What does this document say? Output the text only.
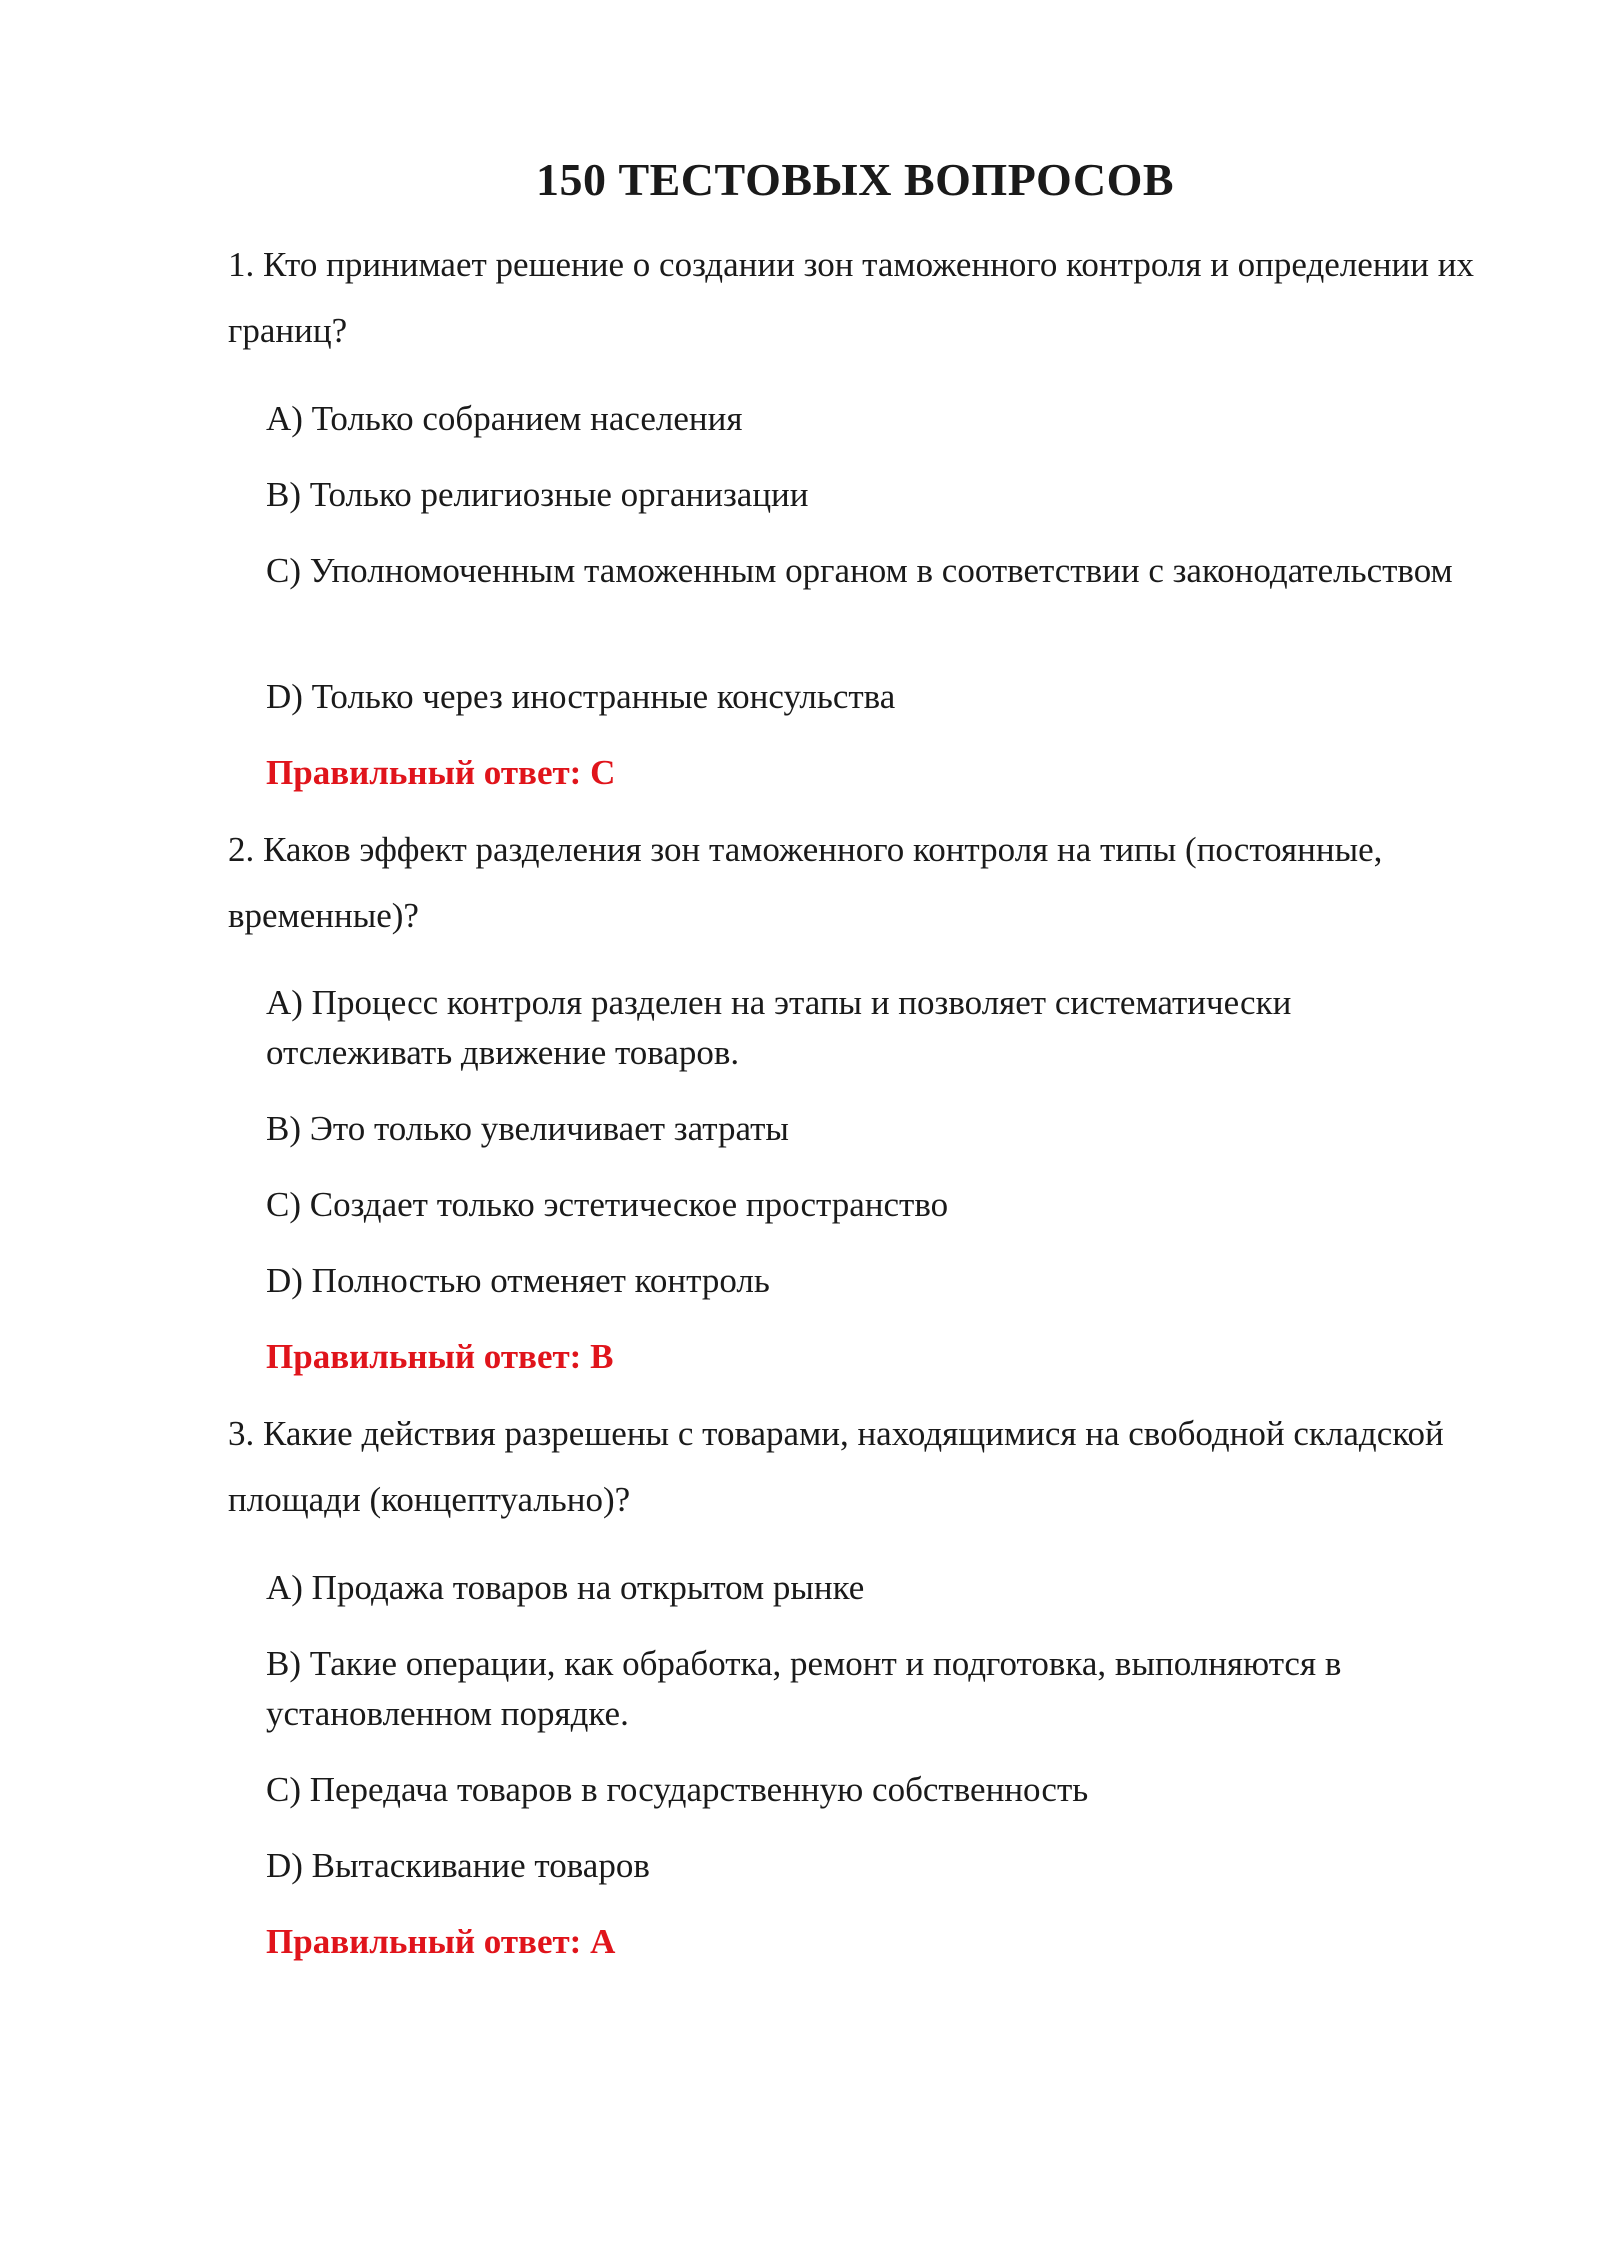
150 ТЕСТОВЫХ ВОПРОСОВ
1. Кто принимает решение о создании зон таможенного контроля и определении их границ?
A) Только собранием населения
B) Только религиозные организации
C) Уполномоченным таможенным органом в соответствии с законодательством
D) Только через иностранные консульства
Правильный ответ: C
2. Каков эффект разделения зон таможенного контроля на типы (постоянные, временные)?
A) Процесс контроля разделен на этапы и позволяет систематически отслеживать движение товаров.
B) Это только увеличивает затраты
C) Создает только эстетическое пространство
D) Полностью отменяет контроль
Правильный ответ: B
3. Какие действия разрешены с товарами, находящимися на свободной складской площади (концептуально)?
A) Продажа товаров на открытом рынке
B) Такие операции, как обработка, ремонт и подготовка, выполняются в установленном порядке.
C) Передача товаров в государственную собственность
D) Вытаскивание товаров
Правильный ответ: A
